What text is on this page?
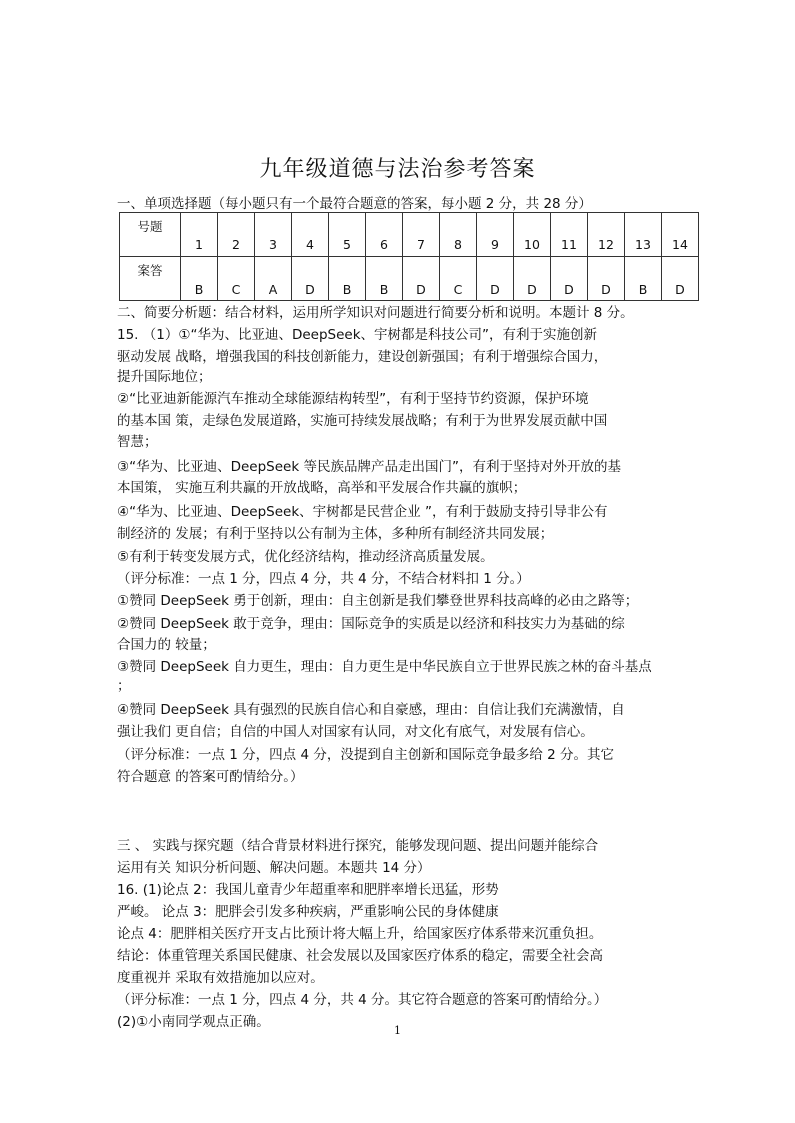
九年级道德与法治参考答案
一、单项选择题（每小题只有一个最符合题意的答案，每小题 2 分，共 28 分）
号题	1	2	3	4	5	6	7	8	9	10	11	12	13	14
案答	B	C	A	D	B	B	D	C	D	D	D	D	B	D
二、简要分析题：结合材料，运用所学知识对问题进行简要分析和说明。本题计 8 分。
15. （1）①“华为、比亚迪、DeepSeek、宇树都是科技公司”，有利于实施创新
驱动发展 战略，增强我国的科技创新能力，建设创新强国；有利于增强综合国力，
提升国际地位；
②“比亚迪新能源汽车推动全球能源结构转型”，有利于坚持节约资源，保护环境
的基本国 策，走绿色发展道路，实施可持续发展战略；有利于为世界发展贡献中国
智慧；
③“华为、比亚迪、DeepSeek 等民族品牌产品走出国门”，有利于坚持对外开放的基
本国策， 实施互利共赢的开放战略，高举和平发展合作共赢的旗帜；
④“华为、比亚迪、DeepSeek、宇树都是民营企业 ”，有利于鼓励支持引导非公有
制经济的 发展；有利于坚持以公有制为主体，多种所有制经济共同发展；
⑤有利于转变发展方式，优化经济结构，推动经济高质量发展。
（评分标准：一点 1 分，四点 4 分，共 4 分，不结合材料扣 1 分。）
①赞同 DeepSeek 勇于创新，理由：自主创新是我们攀登世界科技高峰的必由之路等；
②赞同 DeepSeek 敢于竞争，理由：国际竞争的实质是以经济和科技实力为基础的综
合国力的 较量；
③赞同 DeepSeek 自力更生，理由：自力更生是中华民族自立于世界民族之林的奋斗基点
；
④赞同 DeepSeek 具有强烈的民族自信心和自豪感，理由：自信让我们充满激情，自
强让我们 更自信；自信的中国人对国家有认同，对文化有底气，对发展有信心。
（评分标准：一点 1 分，四点 4 分，没提到自主创新和国际竞争最多给 2 分。其它
符合题意 的答案可酌情给分。）
三 、 实践与探究题（结合背景材料进行探究，能够发现问题、提出问题并能综合
运用有关 知识分析问题、解决问题。本题共 14 分）
16. (1)论点 2：我国儿童青少年超重率和肥胖率增长迅猛，形势
严峻。 论点 3：肥胖会引发多种疾病，严重影响公民的身体健康
论点 4：肥胖相关医疗开支占比预计将大幅上升，给国家医疗体系带来沉重负担。
结论：体重管理关系国民健康、社会发展以及国家医疗体系的稳定，需要全社会高
度重视并 采取有效措施加以应对。
（评分标准：一点 1 分，四点 4 分，共 4 分。其它符合题意的答案可酌情给分。）
(2)①小南同学观点正确。
1
